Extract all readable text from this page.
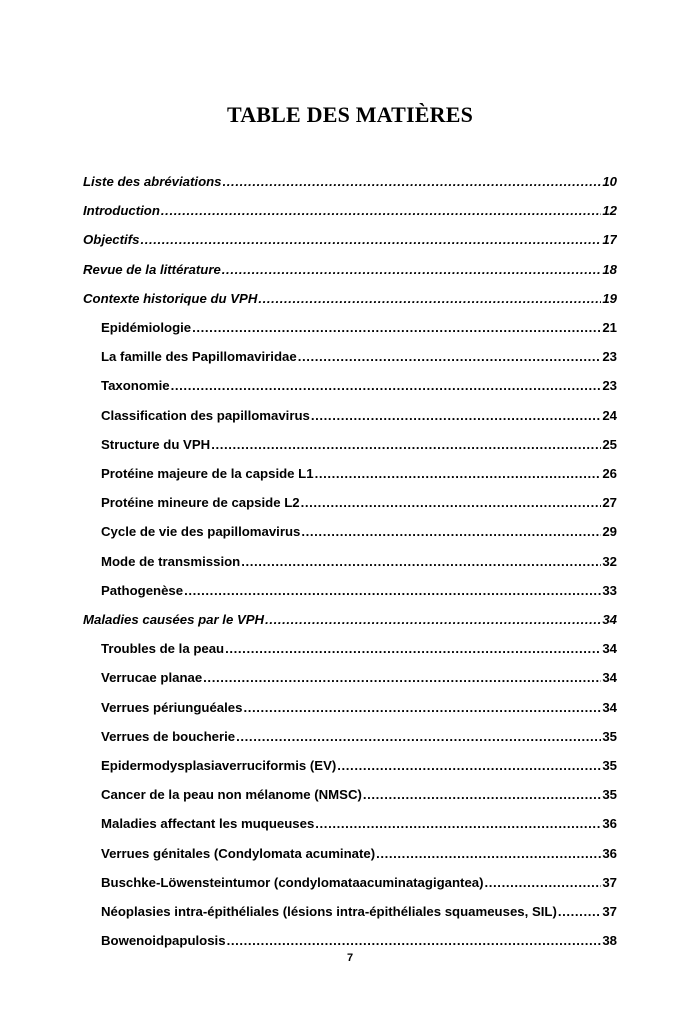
TABLE DES MATIÈRES
Liste des abréviations .....	10
Introduction .....	12
Objectifs .....	17
Revue de la littérature .....	18
Contexte historique du VPH .....	19
Epidémiologie .....	21
La famille des Papillomaviridae .....	23
Taxonomie .....	23
Classification des papillomavirus .....	24
Structure du VPH .....	25
Protéine majeure de la capside L1 .....	26
Protéine mineure de capside L2 .....	27
Cycle de vie des papillomavirus .....	29
Mode de transmission .....	32
Pathogenèse .....	33
Maladies causées par le VPH .....	34
Troubles de la peau .....	34
Verrucae planae .....	34
Verrues périunguéales .....	34
Verrues de boucherie .....	35
Epidermodysplasiaverruciformis (EV) .....	35
Cancer de la peau non mélanome (NMSC) .....	35
Maladies affectant les muqueuses .....	36
Verrues génitales (Condylomata acuminate) .....	36
Buschke-Löwensteintumor (condylomataacuminatagigantea) .....	37
Néoplasies intra-épithéliales (lésions intra-épithéliales squameuses, SIL) .....	37
Bowenoidpapulosis .....	38
7
